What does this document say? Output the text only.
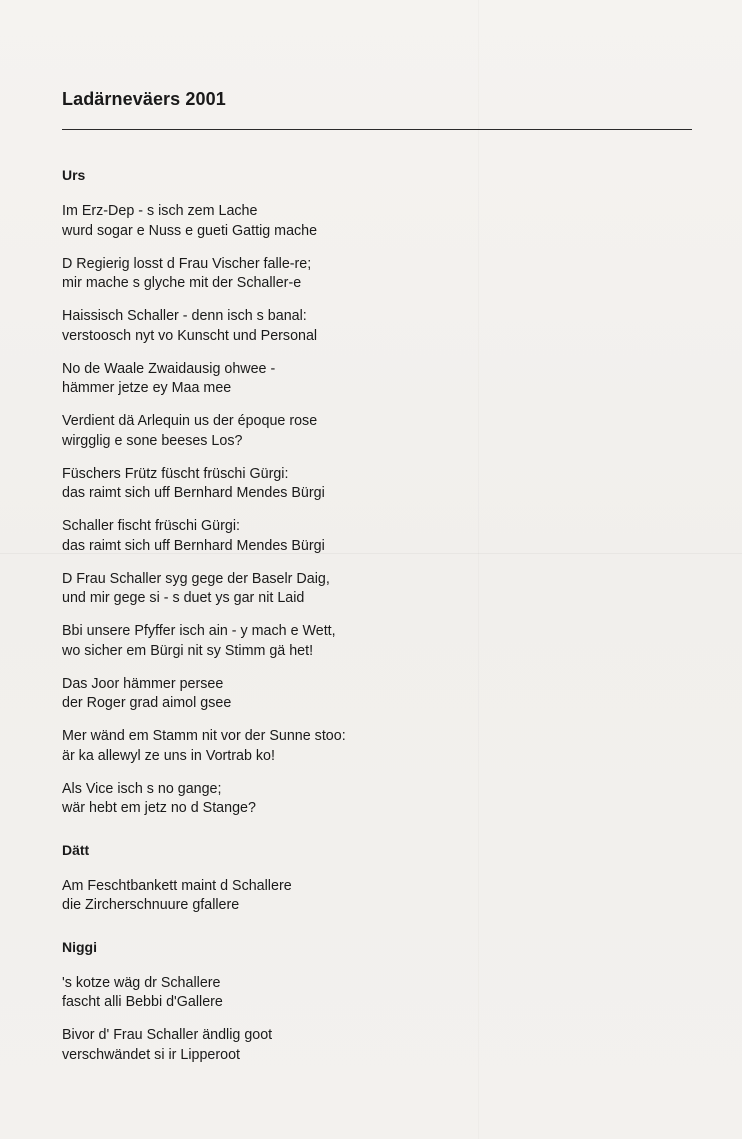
Ladärneväers 2001
Urs
Im Erz-Dep - s isch zem Lache
wurd sogar e Nuss e gueti Gattig mache
D Regierig losst d Frau Vischer falle-re;
mir mache s glyche mit der Schaller-e
Haissisch Schaller - denn isch s banal:
verstoosch nyt vo Kunscht und Personal
No de Waale Zwaidausig ohwee -
hämmer jetze ey Maa mee
Verdient dä Arlequin us der époque rose
wirgglig e sone beeses Los?
Füschers Frütz füscht früschi Gürgi:
das raimt sich uff Bernhard Mendes Bürgi
Schaller fischt früschi Gürgi:
das raimt sich uff Bernhard Mendes Bürgi
D Frau Schaller syg gege der Baselr Daig,
und mir gege si - s duet ys gar nit Laid
Bbi unsere Pfyffer isch ain - y mach e Wett,
wo sicher em Bürgi nit sy Stimm gä het!
Das Joor hämmer persee
der Roger grad aimol gsee
Mer wänd em Stamm nit vor der Sunne stoo:
är ka allewyl ze uns in Vortrab ko!
Als Vice isch s no gange;
wär hebt em jetz no d Stange?
Dätt
Am Feschtbankett maint d Schallere
die Zircherschnuure gfallere
Niggi
's kotze wäg dr Schallere
fascht alli Bebbi d'Gallere
Bivor d' Frau Schaller ändlig goot
verschwändet si ir Lipperoot
